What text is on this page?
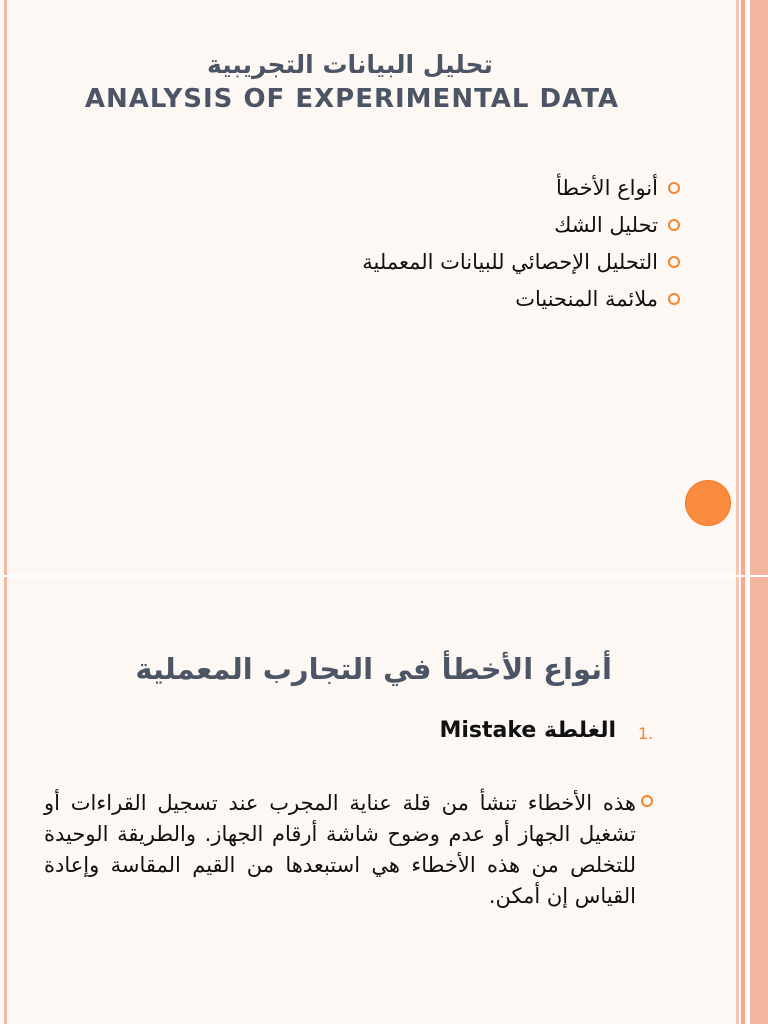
تحليل البيانات التجريبية
ANALYSIS OF EXPERIMENTAL DATA
أنواع الأخطأ
تحليل الشك
التحليل الإحصائي للبيانات المعملية
ملائمة المنحنيات
أنواع الأخطأ في التجارب المعملية
1.
الغلطة Mistake
هذه الأخطاء تنشأ من قلة عناية المجرب عند تسجيل القراءات أو تشغيل الجهاز أو عدم وضوح شاشة أرقام الجهاز. والطريقة الوحيدة للتخلص من هذه الأخطاء هي استبعدها من القيم المقاسة وإعادة القياس إن أمكن.
